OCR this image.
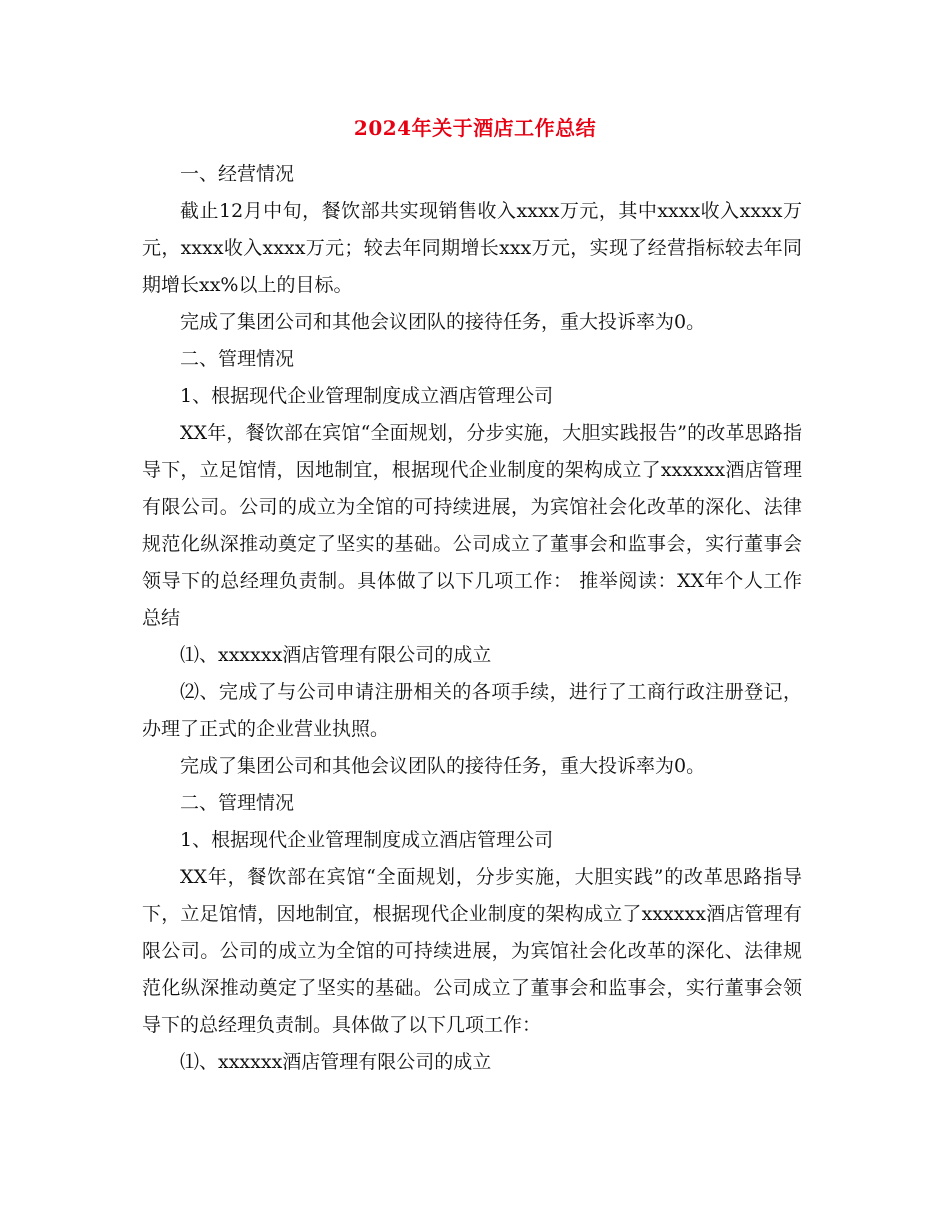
2024年关于酒店工作总结

一、经营情况

截止12月中旬，餐饮部共实现销售收入xxxx万元，其中xxxx收入xxxx万元，xxxx收入xxxx万元；较去年同期增长xxx万元，实现了经营指标较去年同期增长xx%以上的目标。

完成了集团公司和其他会议团队的接待任务，重大投诉率为0。

二、管理情况

1、根据现代企业管理制度成立酒店管理公司

XX年，餐饮部在宾馆“全面规划，分步实施，大胆实践报告”的改革思路指导下，立足馆情，因地制宜，根据现代企业制度的架构成立了xxxxxx酒店管理有限公司。公司的成立为全馆的可持续进展，为宾馆社会化改革的深化、法律规范化纵深推动奠定了坚实的基础。公司成立了董事会和监事会，实行董事会领导下的总经理负责制。具体做了以下几项工作： 推举阅读：XX年个人工作总结

⑴、xxxxxx酒店管理有限公司的成立

⑵、完成了与公司申请注册相关的各项手续，进行了工商行政注册登记，办理了正式的企业营业执照。

完成了集团公司和其他会议团队的接待任务，重大投诉率为0。

二、管理情况

1、根据现代企业管理制度成立酒店管理公司

XX年，餐饮部在宾馆“全面规划，分步实施，大胆实践”的改革思路指导下，立足馆情，因地制宜，根据现代企业制度的架构成立了xxxxxx酒店管理有限公司。公司的成立为全馆的可持续进展，为宾馆社会化改革的深化、法律规范化纵深推动奠定了坚实的基础。公司成立了董事会和监事会，实行董事会领导下的总经理负责制。具体做了以下几项工作：

⑴、xxxxxx酒店管理有限公司的成立
